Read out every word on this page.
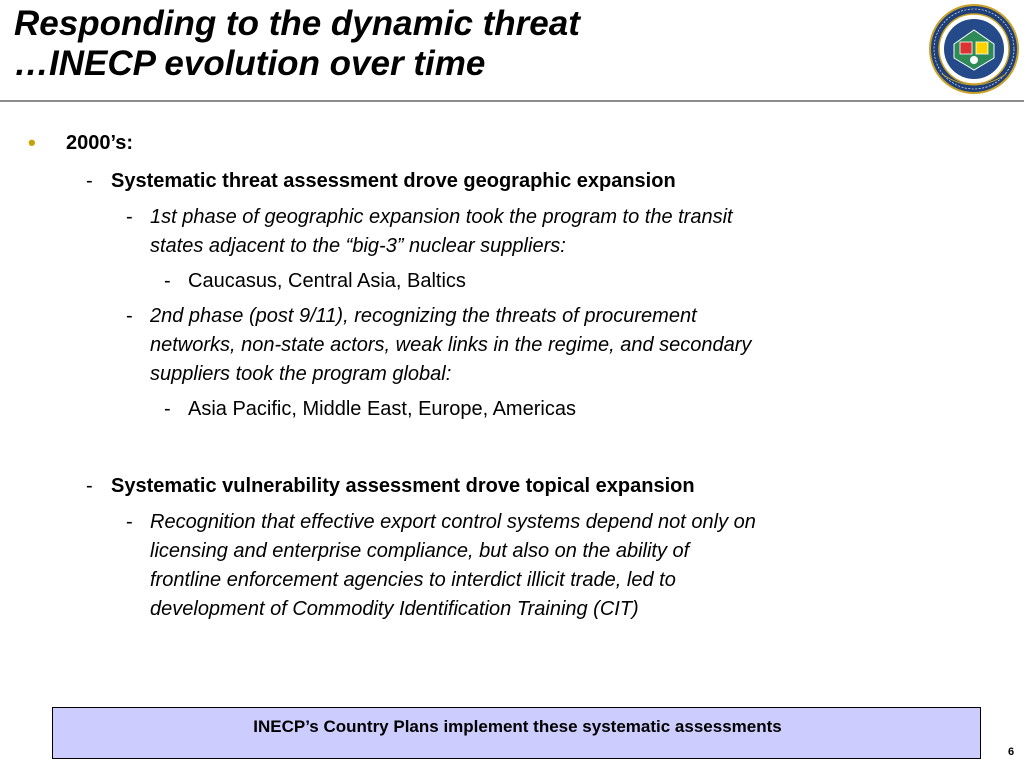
Responding to the dynamic threat
…INECP evolution over time
• 2000’s:
- Systematic threat assessment drove geographic expansion
- 1st phase of geographic expansion took the program to the transit
states adjacent to the “big-3” nuclear suppliers:
- Caucasus, Central Asia, Baltics
- 2nd phase (post 9/11), recognizing the threats of procurement
networks, non-state actors, weak links in the regime, and secondary
suppliers took the program global:
- Asia Pacific, Middle East, Europe, Americas
- Systematic vulnerability assessment drove topical expansion
- Recognition that effective export control systems depend not only on
licensing and enterprise compliance, but also on the ability of
frontline enforcement agencies to interdict illicit trade, led to
development of Commodity Identification Training (CIT)
INECP’s Country Plans implement these systematic assessments
6
